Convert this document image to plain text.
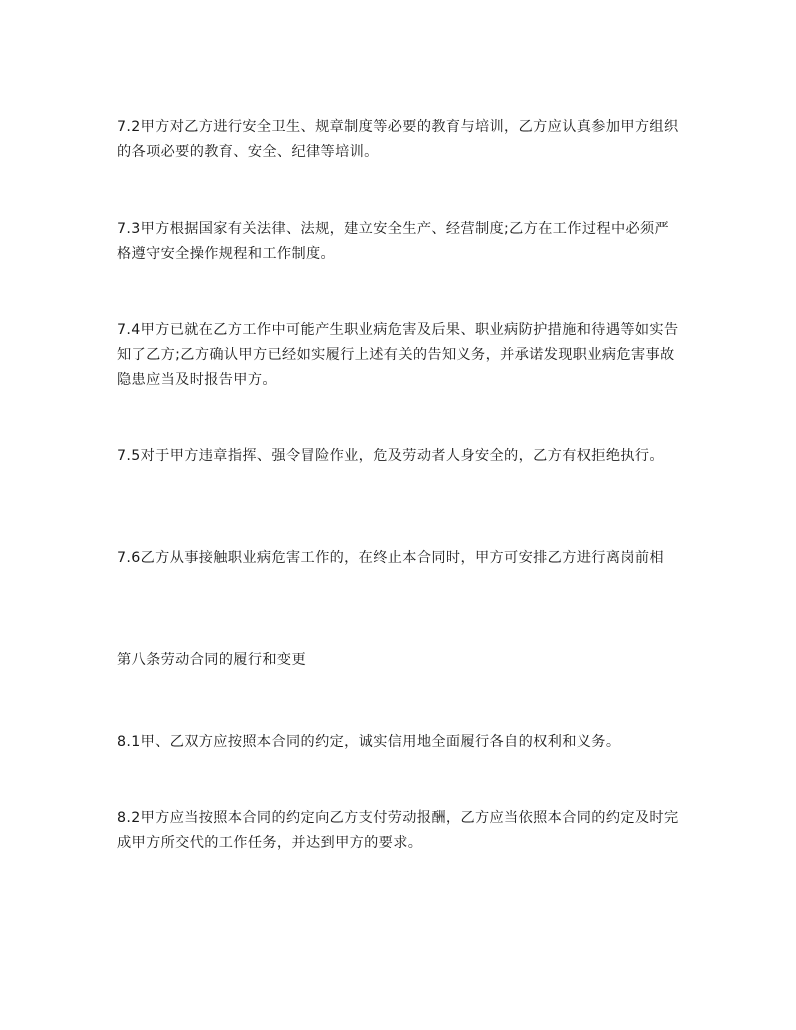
7.2甲方对乙方进行安全卫生、规章制度等必要的教育与培训，乙方应认真参加甲方组织的各项必要的教育、安全、纪律等培训。

7.3甲方根据国家有关法律、法规，建立安全生产、经营制度;乙方在工作过程中必须严格遵守安全操作规程和工作制度。

7.4甲方已就在乙方工作中可能产生职业病危害及后果、职业病防护措施和待遇等如实告知了乙方;乙方确认甲方已经如实履行上述有关的告知义务，并承诺发现职业病危害事故隐患应当及时报告甲方。

7.5对于甲方违章指挥、强令冒险作业，危及劳动者人身安全的，乙方有权拒绝执行。

7.6乙方从事接触职业病危害工作的，在终止本合同时，甲方可安排乙方进行离岗前相

第八条劳动合同的履行和变更

8.1甲、乙双方应按照本合同的约定，诚实信用地全面履行各自的权利和义务。

8.2甲方应当按照本合同的约定向乙方支付劳动报酬，乙方应当依照本合同的约定及时完成甲方所交代的工作任务，并达到甲方的要求。
